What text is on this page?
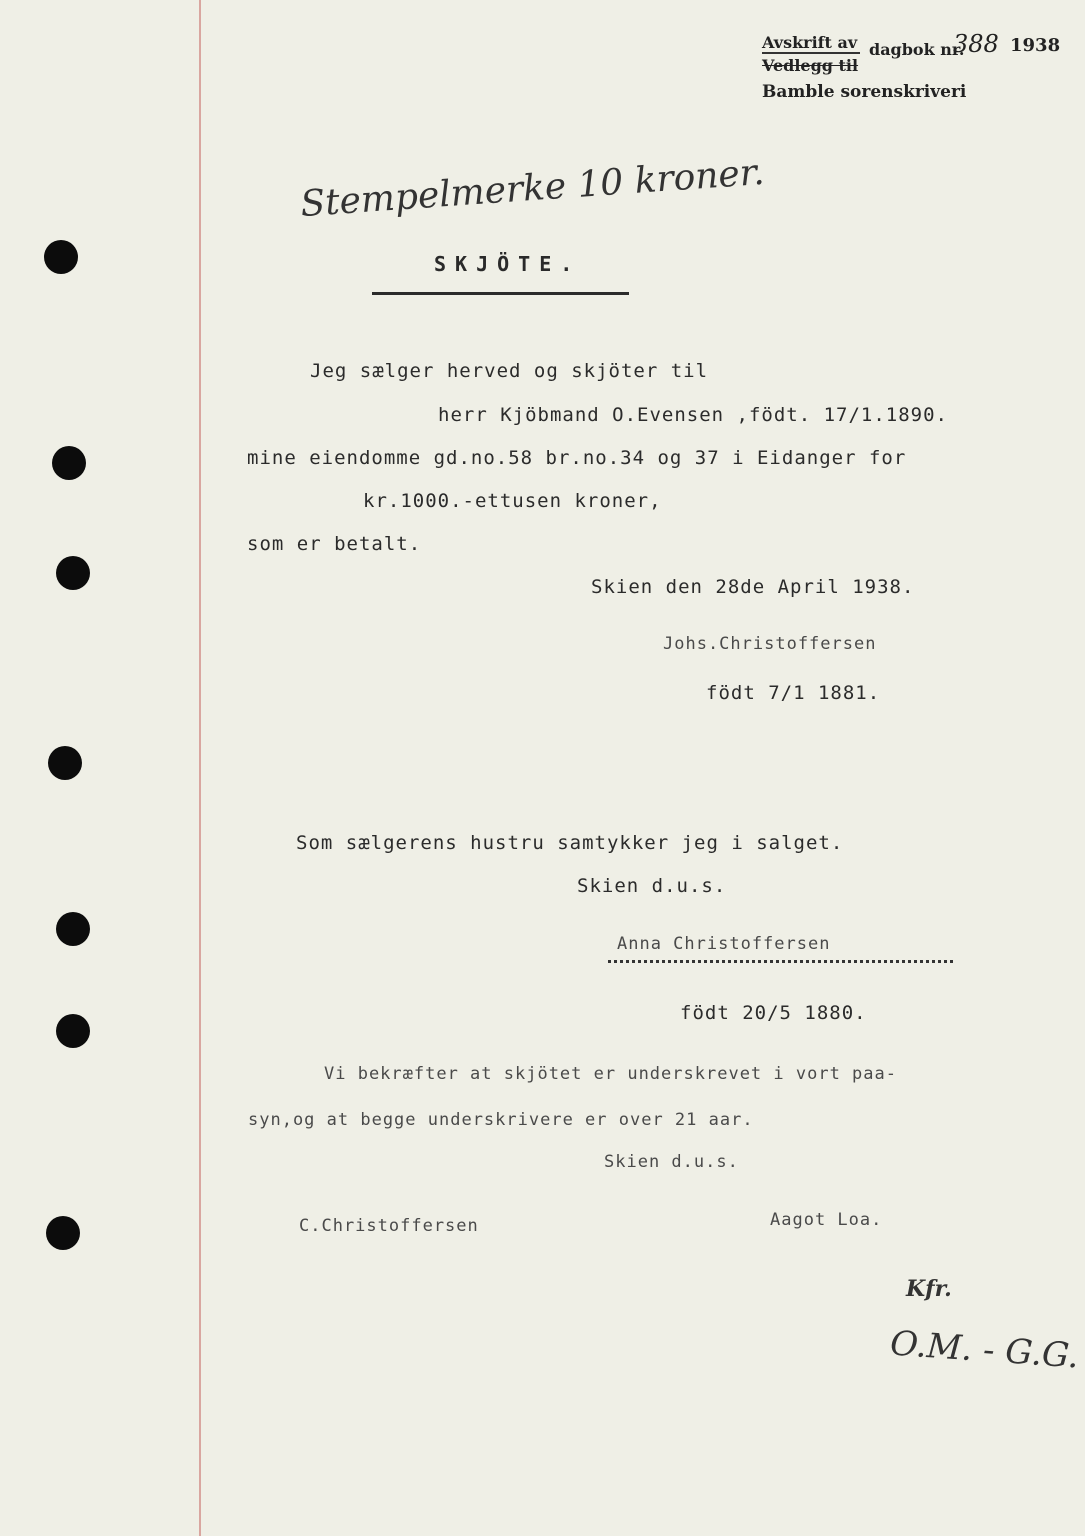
Avskrift av
Vedlegg til
dagbok nr.
388 1938
Bamble sorenskriveri
Stempelmerke 10 kroner.
SKJÖTE.
Jeg sælger herved og skjöter til
herr Kjöbmand O.Evensen ,födt. 17/1.1890.
mine eiendomme gd.no.58 br.no.34 og 37 i Eidanger for
kr.1000.-ettusen kroner,
som er betalt.
Skien den 28de April 1938.
Johs.Christoffersen
födt 7/1 1881.
Som sælgerens hustru samtykker jeg i salget.
Skien d.u.s.
Anna Christoffersen
födt 20/5 1880.
Vi bekræfter at skjötet er underskrevet i vort paa-
syn,og at begge underskrivere er over 21 aar.
Skien d.u.s.
C.Christoffersen	Aagot Loa.
Kfr.
O.M. - G.G.
